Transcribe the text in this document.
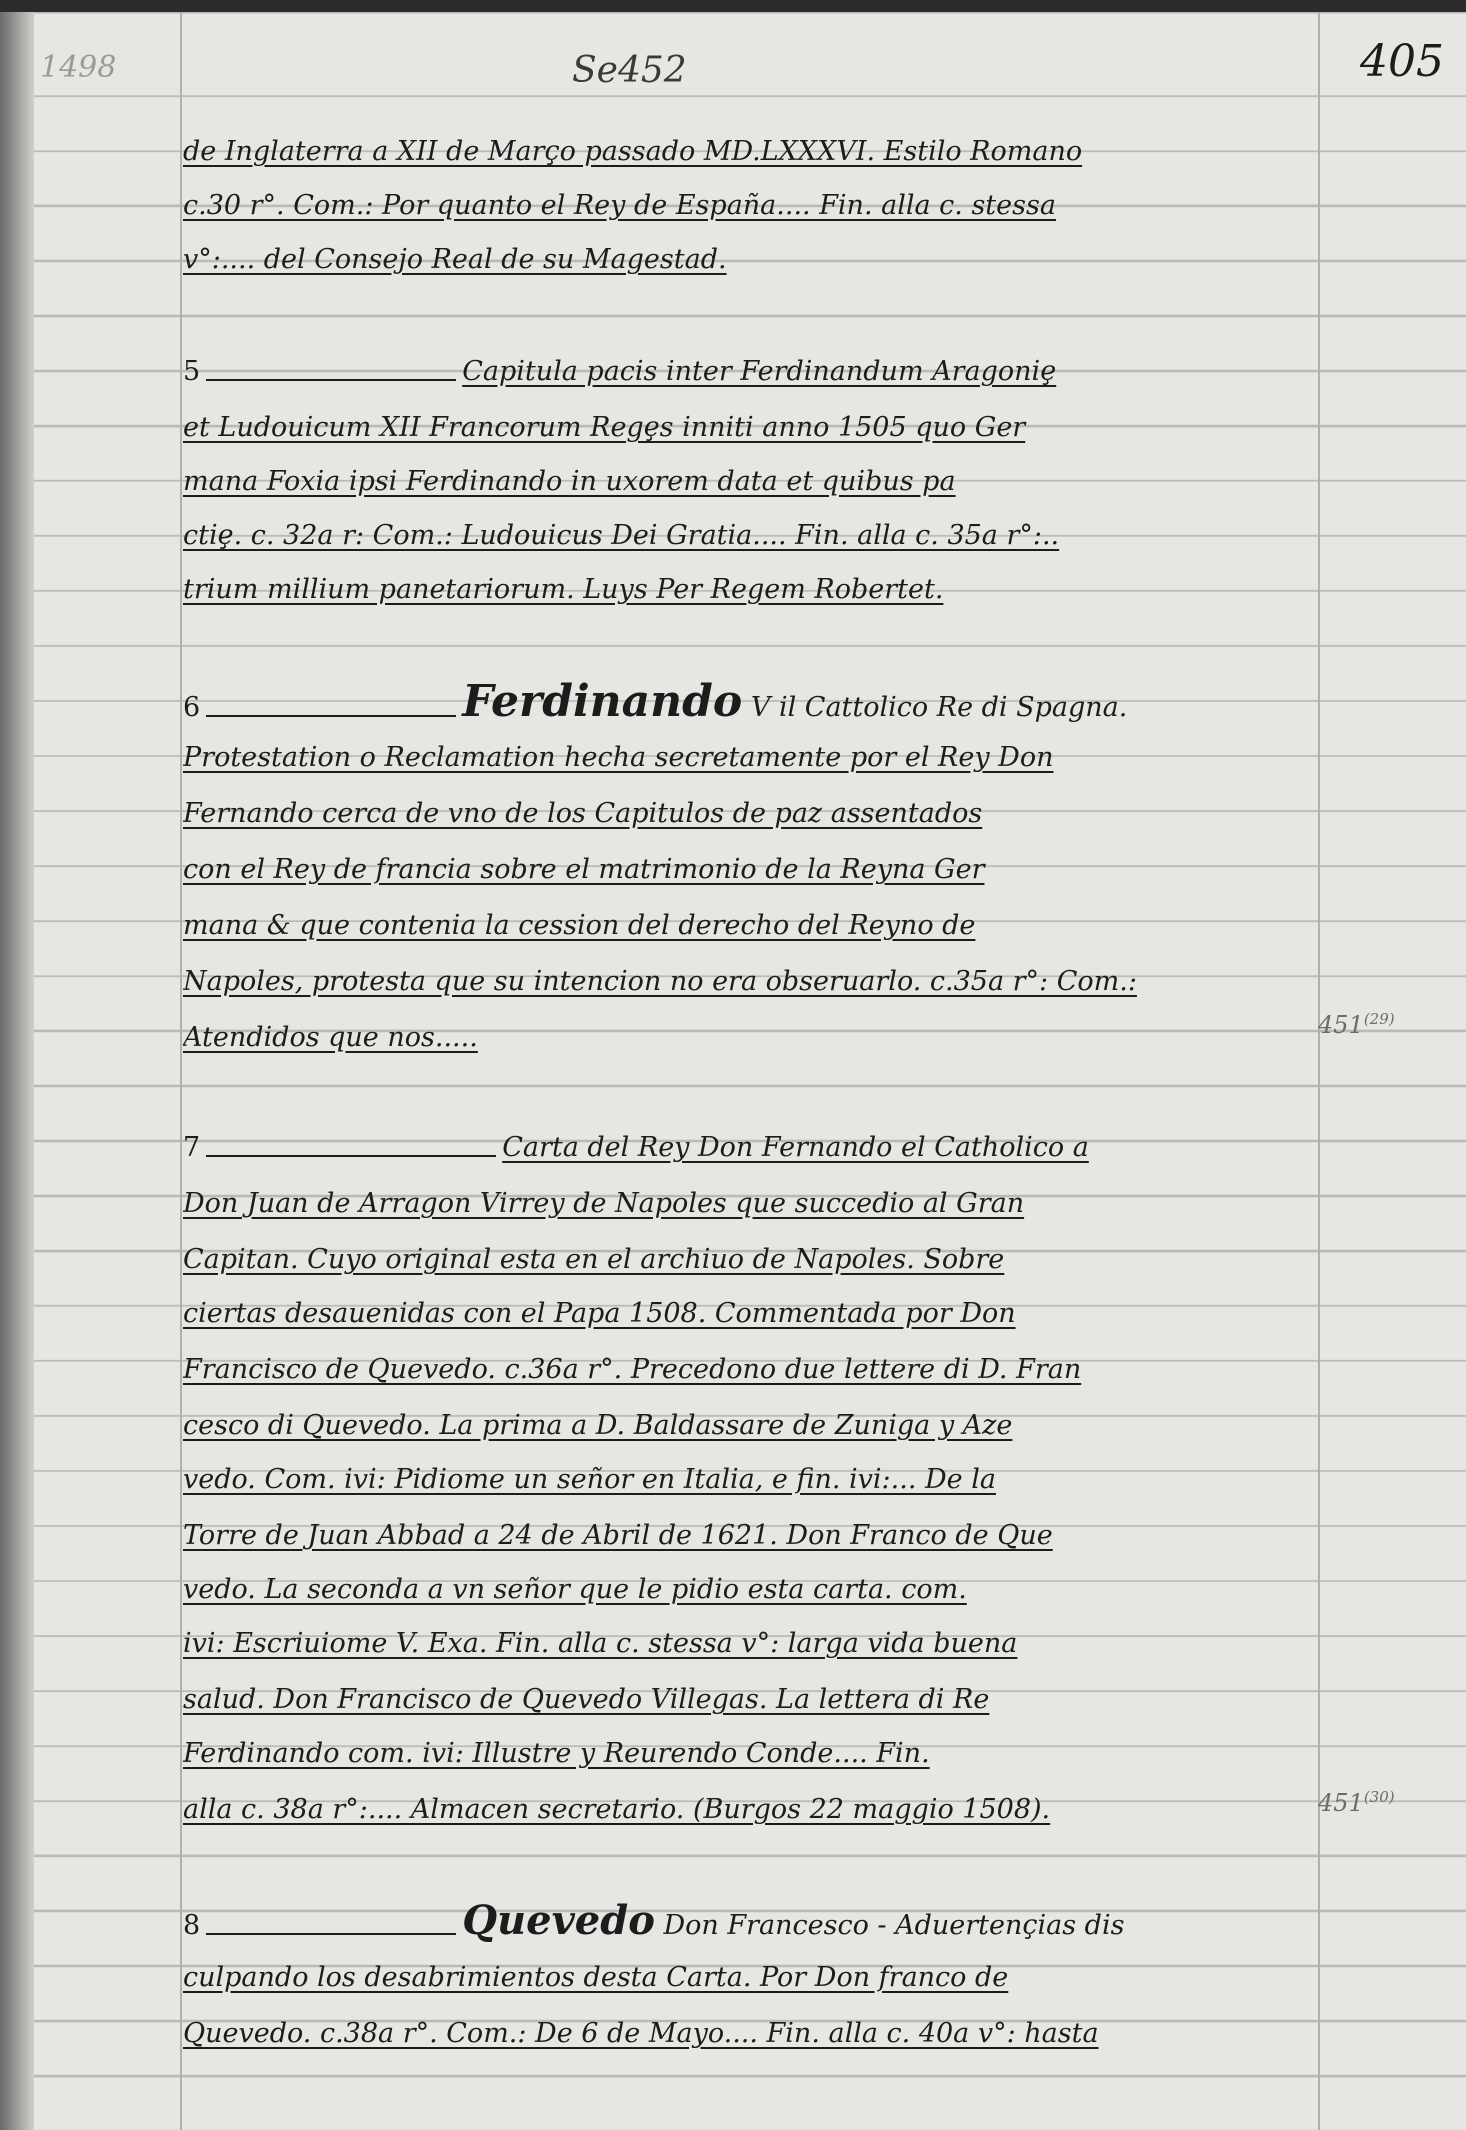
1498	Se452	405
451$^{(29)}$
451$^{(30)}$
de Inglaterra a XII de Março passado MD.LXXXVI. Estilo Romano
c.30 r°. Com.: Por quanto el Rey de España.... Fin. alla c. stessa
v°:.... del Consejo Real de su Magestad.
5	Capitula pacis inter Ferdinandum Aragoniȩ
et Ludouicum XII Francorum Regȩs inniti anno 1505 quo Ger
mana Foxia ipsi Ferdinando in uxorem data et quibus pa
ctiȩ. c. 32a r: Com.: Ludouicus Dei Gratia.... Fin. alla c. 35a r°:..
trium millium panetariorum. Luys Per Regem Robertet.
6	Ferdinando V il Cattolico Re di Spagna.
Protestation o Reclamation hecha secretamente por el Rey Don
Fernando cerca de vno de los Capitulos de paz assentados
con el Rey de francia sobre el matrimonio de la Reyna Ger
mana & que contenia la cession del derecho del Reyno de
Napoles, protesta que su intencion no era obseruarlo. c.35a r°: Com.:
Atendidos que nos.....
7	Carta del Rey Don Fernando el Catholico a
Don Juan de Arragon Virrey de Napoles que succedio al Gran
Capitan. Cuyo original esta en el archiuo de Napoles. Sobre
ciertas desauenidas con el Papa 1508. Commentada por Don
Francisco de Quevedo. c.36a r°. Precedono due lettere di D. Fran
cesco di Quevedo. La prima a D. Baldassare de Zuniga y Aze
vedo. Com. ivi: Pidiome un señor en Italia, e fin. ivi:... De la
Torre de Juan Abbad a 24 de Abril de 1621. Don Franco de Que
vedo. La seconda a vn señor que le pidio esta carta. com.
ivi: Escriuiome V. Exa. Fin. alla c. stessa v°: larga vida buena
salud. Don Francisco de Quevedo Villegas. La lettera di Re
Ferdinando com. ivi: Illustre y Reurendo Conde.... Fin.
alla c. 38a r°:.... Almacen secretario. (Burgos 22 maggio 1508).
8	Quevedo Don Francesco - Aduertençias dis
culpando los desabrimientos desta Carta. Por Don franco de
Quevedo. c.38a r°. Com.: De 6 de Mayo.... Fin. alla c. 40a v°: hasta
